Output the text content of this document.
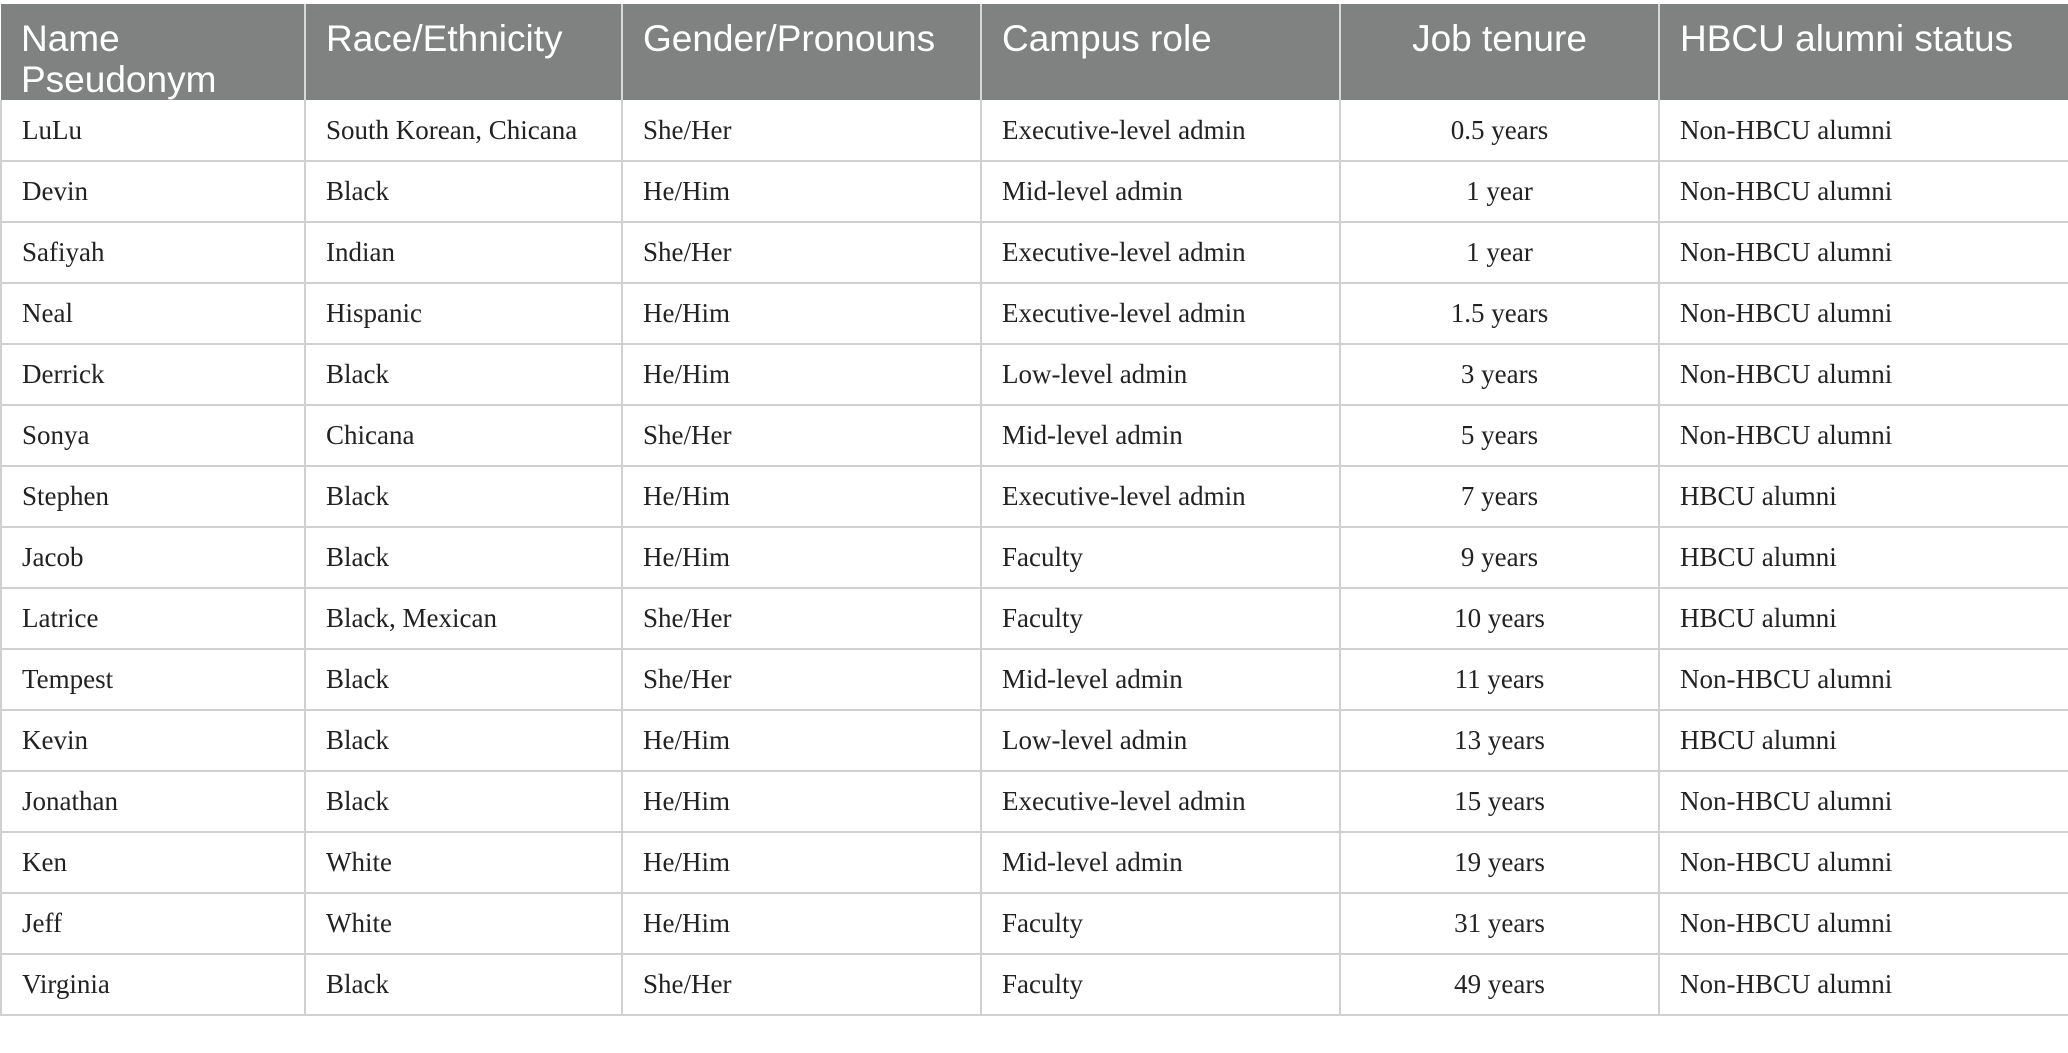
Name Pseudonym	Race/Ethnicity	Gender/Pronouns	Campus role	Job tenure	HBCU alumni status
LuLu	South Korean, Chicana	She/Her	Executive-level admin	0.5 years	Non-HBCU alumni
Devin	Black	He/Him	Mid-level admin	1 year	Non-HBCU alumni
Safiyah	Indian	She/Her	Executive-level admin	1 year	Non-HBCU alumni
Neal	Hispanic	He/Him	Executive-level admin	1.5 years	Non-HBCU alumni
Derrick	Black	He/Him	Low-level admin	3 years	Non-HBCU alumni
Sonya	Chicana	She/Her	Mid-level admin	5 years	Non-HBCU alumni
Stephen	Black	He/Him	Executive-level admin	7 years	HBCU alumni
Jacob	Black	He/Him	Faculty	9 years	HBCU alumni
Latrice	Black, Mexican	She/Her	Faculty	10 years	HBCU alumni
Tempest	Black	She/Her	Mid-level admin	11 years	Non-HBCU alumni
Kevin	Black	He/Him	Low-level admin	13 years	HBCU alumni
Jonathan	Black	He/Him	Executive-level admin	15 years	Non-HBCU alumni
Ken	White	He/Him	Mid-level admin	19 years	Non-HBCU alumni
Jeff	White	He/Him	Faculty	31 years	Non-HBCU alumni
Virginia	Black	She/Her	Faculty	49 years	Non-HBCU alumni
